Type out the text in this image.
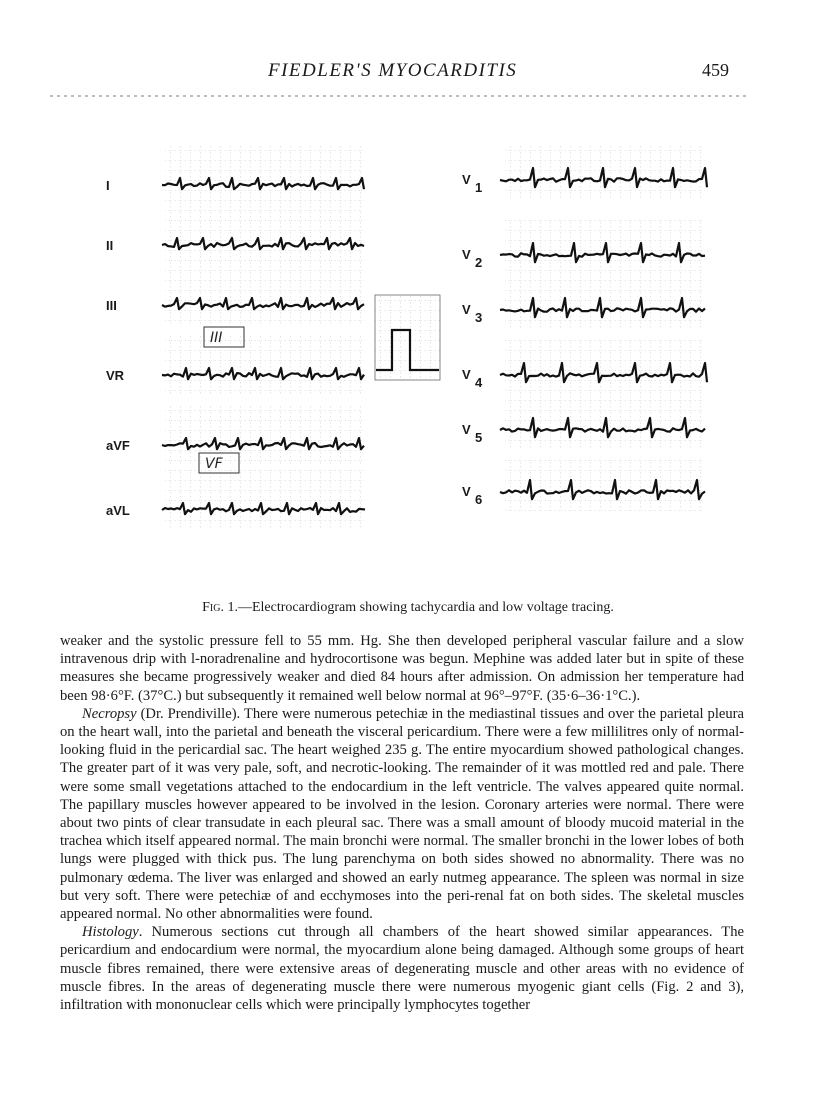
FIEDLER'S MYOCARDITIS	459
I
II
III
VR
aVF
aVL
III
VF
V
1
V
2
V
3
V
4
V
5
V
6
Fig. 1.—Electrocardiogram showing tachycardia and low voltage tracing.

weaker and the systolic pressure fell to 55 mm. Hg. She then developed peripheral vascular failure and a slow intravenous drip with l-noradrenaline and hydrocortisone was begun. Mephine was added later but in spite of these measures she became progressively weaker and died 84 hours after admission. On admission her temperature had been 98·6°F. (37°C.) but subsequently it remained well below normal at 96°–97°F. (35·6–36·1°C.).

Necropsy (Dr. Prendiville). There were numerous petechiæ in the mediastinal tissues and over the parietal pleura on the heart wall, into the parietal and beneath the visceral pericardium. There were a few millilitres only of normal-looking fluid in the pericardial sac. The heart weighed 235 g. The entire myocardium showed pathological changes. The greater part of it was very pale, soft, and necrotic-looking. The remainder of it was mottled red and pale. There were some small vegetations attached to the endocardium in the left ventricle. The valves appeared quite normal. The papillary muscles however appeared to be involved in the lesion. Coronary arteries were normal. There were about two pints of clear transudate in each pleural sac. There was a small amount of bloody mucoid material in the trachea which itself appeared normal. The main bronchi were normal. The smaller bronchi in the lower lobes of both lungs were plugged with thick pus. The lung parenchyma on both sides showed no abnormality. There was no pulmonary œdema. The liver was enlarged and showed an early nutmeg appearance. The spleen was normal in size but very soft. There were petechiæ of and ecchymoses into the peri-renal fat on both sides. The skeletal muscles appeared normal. No other abnormalities were found.

Histology. Numerous sections cut through all chambers of the heart showed similar appearances. The pericardium and endocardium were normal, the myocardium alone being damaged. Although some groups of heart muscle fibres remained, there were extensive areas of degenerating muscle and other areas with no evidence of muscle fibres. In the areas of degenerating muscle there were numerous myogenic giant cells (Fig. 2 and 3), infiltration with mononuclear cells which were principally lymphocytes together
